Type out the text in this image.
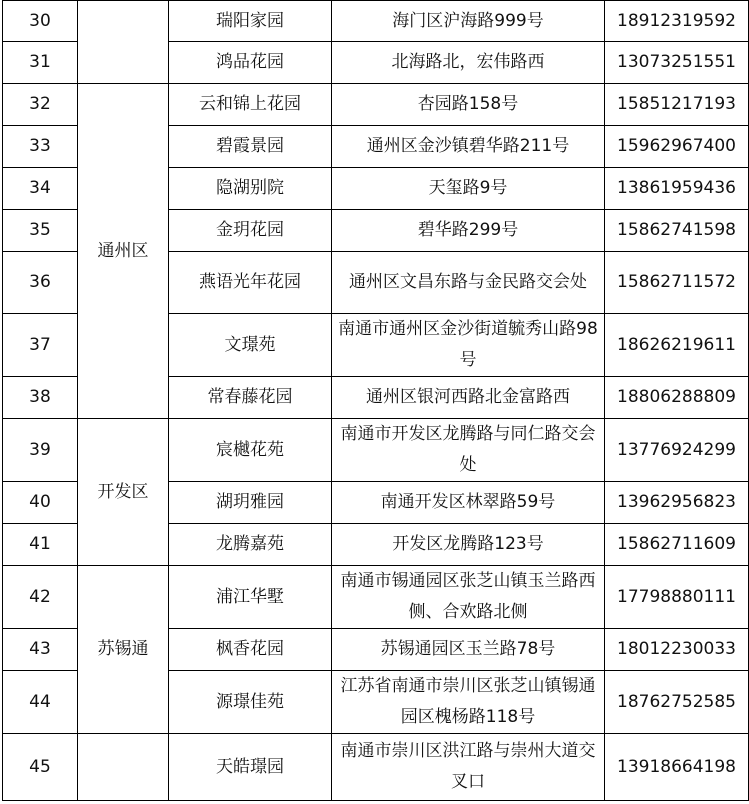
30		瑞阳家园	海门区沪海路999号	18912319592
31		鸿品花园	北海路北，宏伟路西	13073251551
32	通州区	云和锦上花园	杏园路158号	15851217193
33		碧霞景园	通州区金沙镇碧华路211号	15962967400
34		隐湖别院	天玺路9号	13861959436
35		金玥花园	碧华路299号	15862741598
36		燕语光年花园	通州区文昌东路与金民路交会处	15862711572
37		文璟苑	南通市通州区金沙街道毓秀山路98号	18626219611
38		常春藤花园	通州区银河西路北金富路西	18806288809
39	开发区	宸樾花苑	南通市开发区龙腾路与同仁路交会处	13776924299
40		湖玥雅园	南通开发区林翠路59号	13962956823
41		龙腾嘉苑	开发区龙腾路123号	15862711609
42	苏锡通	浦江华墅	南通市锡通园区张芝山镇玉兰路西侧、合欢路北侧	17798880111
43		枫香花园	苏锡通园区玉兰路78号	18012230033
44		源璟佳苑	江苏省南通市崇川区张芝山镇锡通园区槐杨路118号	18762752585
45		天皓璟园	南通市崇川区洪江路与崇州大道交叉口	13918664198
